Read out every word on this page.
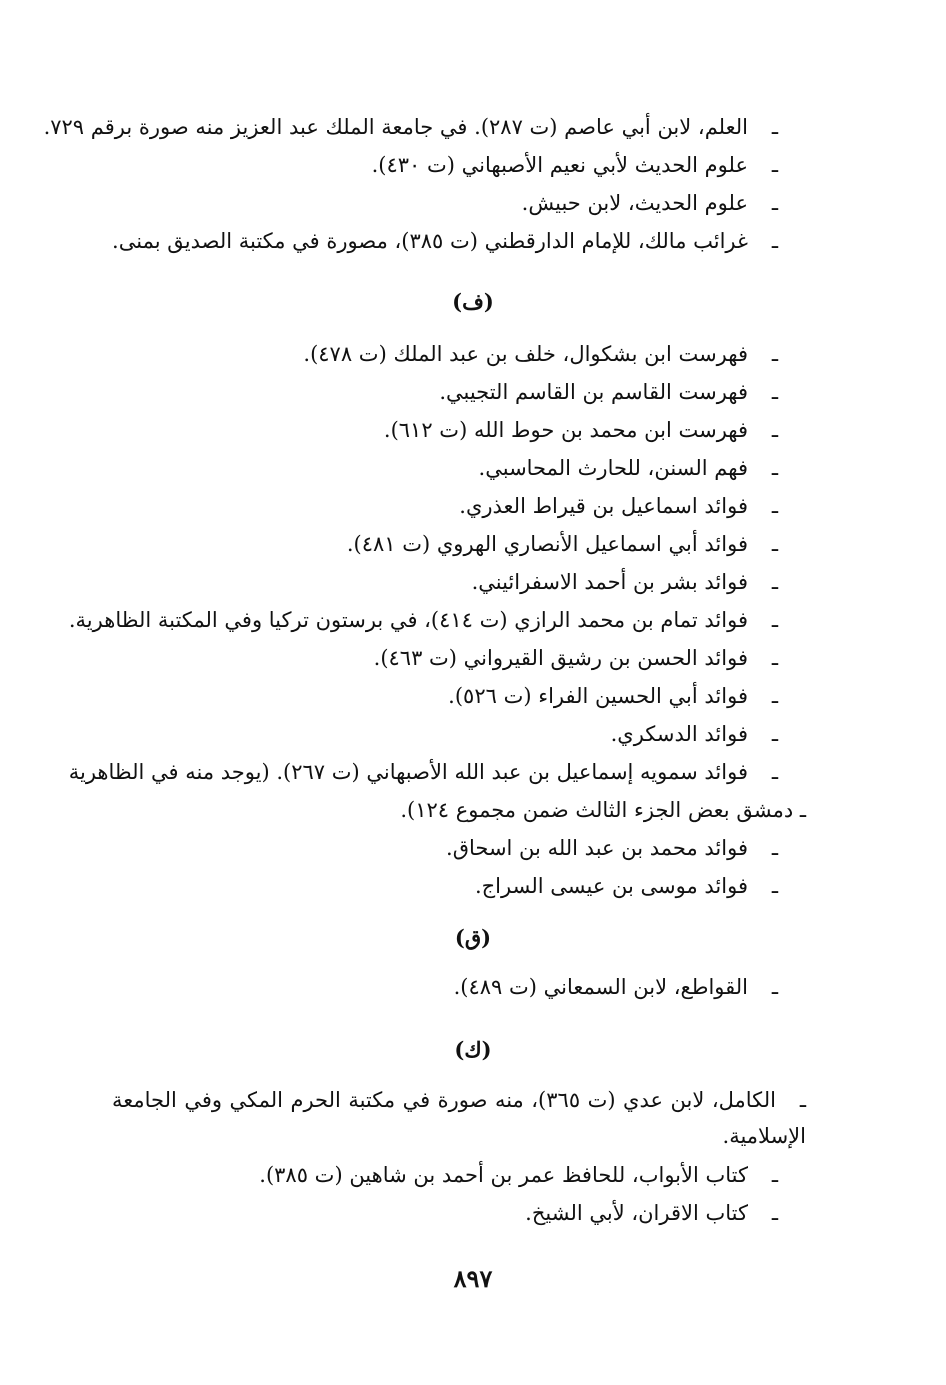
ـالعلم، لابن أبي عاصم (ت ٢٨٧). في جامعة الملك عبد العزيز منه صورة برقم ٧٢٩.
ـعلوم الحديث لأبي نعيم الأصبهاني (ت ٤٣٠).
ـعلوم الحديث، لابن حبيش.
ـغرائب مالك، للإمام الدارقطني (ت ٣٨٥)، مصورة في مكتبة الصديق بمنى.
(ف)
ـفهرست ابن بشكوال، خلف بن عبد الملك (ت ٤٧٨).
ـفهرست القاسم بن القاسم التجيبي.
ـفهرست ابن محمد بن حوط الله (ت ٦١٢).
ـفهم السنن، للحارث المحاسبي.
ـفوائد اسماعيل بن قيراط العذري.
ـفوائد أبي اسماعيل الأنصاري الهروي (ت ٤٨١).
ـفوائد بشر بن أحمد الاسفرائيني.
ـفوائد تمام بن محمد الرازي (ت ٤١٤)، في برستون تركيا وفي المكتبة الظاهرية.
ـفوائد الحسن بن رشيق القيرواني (ت ٤٦٣).
ـفوائد أبي الحسين الفراء (ت ٥٢٦).
ـفوائد الدسكري.
ـفوائد سمويه إسماعيل بن عبد الله الأصبهاني (ت ٢٦٧). (يوجد منه في الظاهرية
ـ دمشق بعض الجزء الثالث ضمن مجموع ١٢٤).
ـفوائد محمد بن عبد الله بن اسحاق.
ـفوائد موسى بن عيسى السراج.
(ق)
ـالقواطع، لابن السمعاني (ت ٤٨٩).
(ك)
ـالكامل، لابن عدي (ت ٣٦٥)، منه صورة في مكتبة الحرم المكي وفي الجامعة الإسلامية.
ـكتاب الأبواب، للحافظ عمر بن أحمد بن شاهين (ت ٣٨٥).
ـكتاب الاقران، لأبي الشيخ.
٨٩٧
